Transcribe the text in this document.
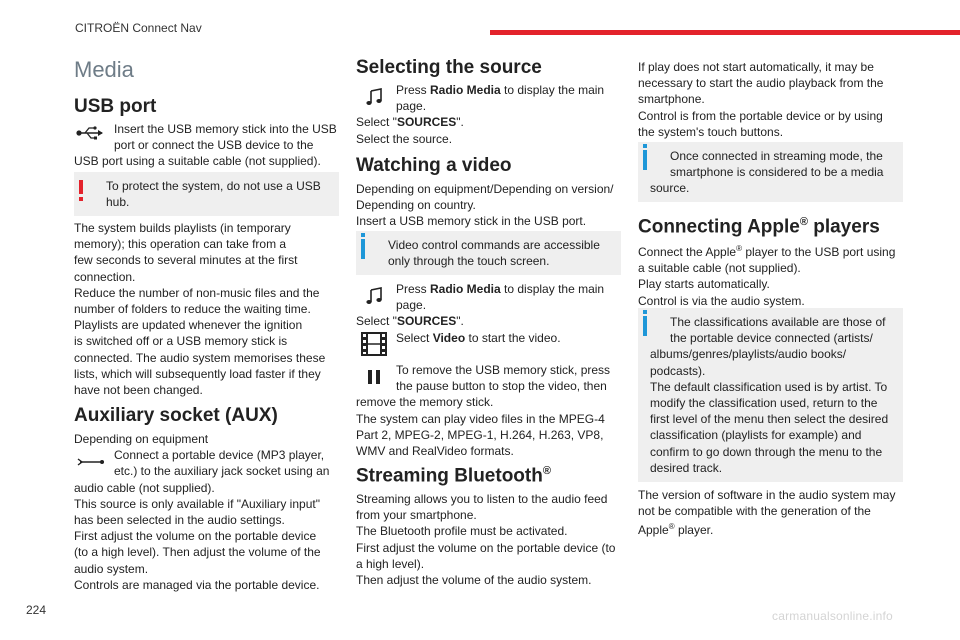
CITROËN Connect Nav
Media
USB port

Insert the USB memory stick into the USB

port or connect the USB device to the

USB port using a suitable cable (not supplied).

To protect the system, do not use a USB

hub.

The system builds playlists (in temporary

memory); this operation can take from a

few seconds to several minutes at the first

connection.

Reduce the number of non-music files and the

number of folders to reduce the waiting time.

Playlists are updated whenever the ignition

is switched off or a USB memory stick is

connected. The audio system memorises these

lists, which will subsequently load faster if they

have not been changed.

Auxiliary socket (AUX)

Depending on equipment

Connect a portable device (MP3 player,

etc.) to the auxiliary jack socket using an

audio cable (not supplied).

This source is only available if "Auxiliary input"

has been selected in the audio settings.

First adjust the volume on the portable device

(to a high level). Then adjust the volume of the

audio system.

Controls are managed via the portable device.

Selecting the source

Press Radio Media to display the main

page.

Select "SOURCES".

Select the source.

Watching a video

Depending on equipment/Depending on version/

Depending on country.

Insert a USB memory stick in the USB port.

Video control commands are accessible

only through the touch screen.

Press Radio Media to display the main

page.

Select "SOURCES".

Select Video to start the video.

To remove the USB memory stick, press

the pause button to stop the video, then

remove the memory stick.

The system can play video files in the MPEG-4

Part 2, MPEG-2, MPEG-1, H.264, H.263, VP8,

WMV and RealVideo formats.

Streaming Bluetooth®

Streaming allows you to listen to the audio feed

from your smartphone.

The Bluetooth profile must be activated.

First adjust the volume on the portable device (to

a high level).

Then adjust the volume of the audio system.

If play does not start automatically, it may be

necessary to start the audio playback from the

smartphone.

Control is from the portable device or by using

the system's touch buttons.

Once connected in streaming mode, the

smartphone is considered to be a media

source.

Connecting Apple® players

Connect the Apple® player to the USB port using

a suitable cable (not supplied).

Play starts automatically.

Control is via the audio system.

The classifications available are those of

the portable device connected (artists/

albums/genres/playlists/audio books/

podcasts).

The default classification used is by artist. To

modify the classification used, return to the

first level of the menu then select the desired

classification (playlists for example) and

confirm to go down through the menu to the

desired track.

The version of software in the audio system may

not be compatible with the generation of the

Apple® player.

224	carmanualsonline.info
